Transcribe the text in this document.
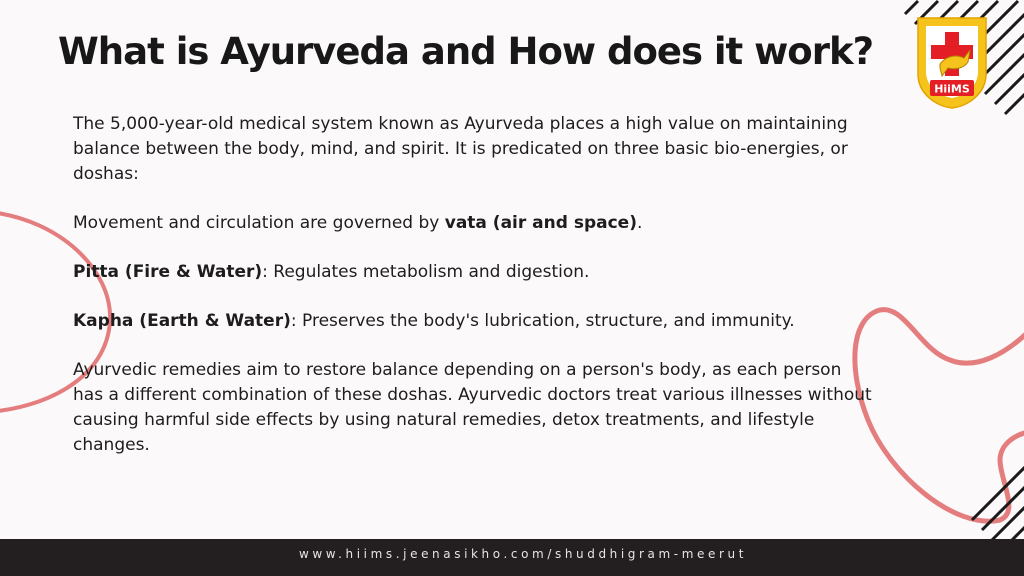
HiiMS
What is Ayurveda and How does it work?

The 5,000-year-old medical system known as Ayurveda places a high value on maintaining balance between the body, mind, and spirit. It is predicated on three basic bio-energies, or doshas:

Movement and circulation are governed by vata (air and space).

Pitta (Fire & Water): Regulates metabolism and digestion.

Kapha (Earth & Water): Preserves the body's lubrication, structure, and immunity.

Ayurvedic remedies aim to restore balance depending on a person's body, as each person has a different combination of these doshas. Ayurvedic doctors treat various illnesses without causing harmful side effects by using natural remedies, detox treatments, and lifestyle changes.

www.hiims.jeenasikho.com/shuddhigram-meerut
